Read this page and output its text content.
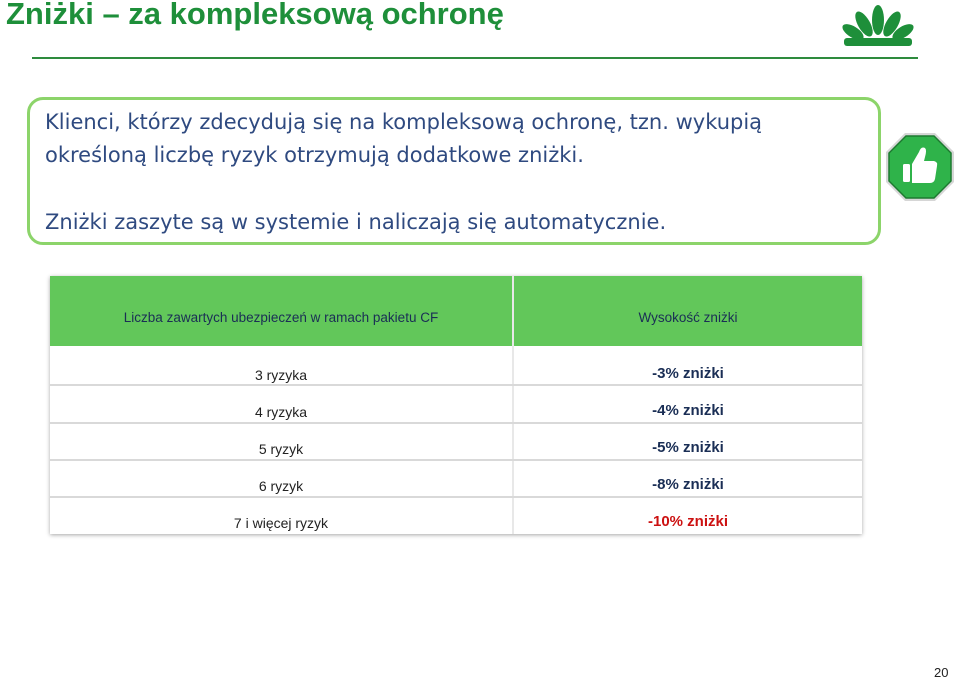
Zniżki – za kompleksową ochronę
Klienci, którzy zdecydują się na kompleksową ochronę, tzn. wykupią
określoną liczbę ryzyk otrzymują dodatkowe zniżki.
Zniżki zaszyte są w systemie i naliczają się automatycznie.
Liczba zawartych ubezpieczeń w ramach pakietu CF	Wysokość zniżki
3 ryzyka	-3% zniżki
4 ryzyka	-4% zniżki
5 ryzyk	-5% zniżki
6 ryzyk	-8% zniżki
7 i więcej ryzyk	-10% zniżki
20
